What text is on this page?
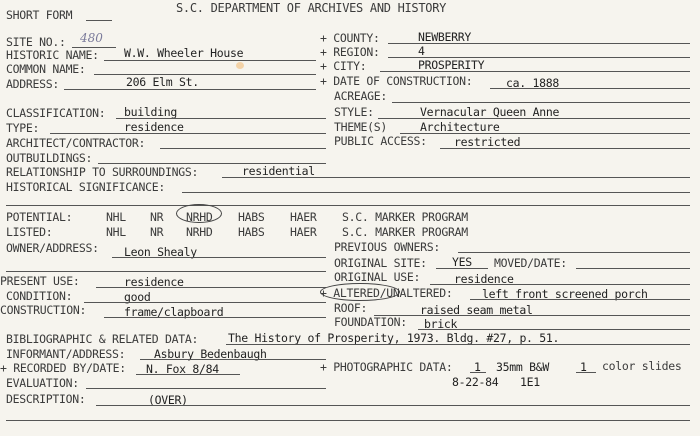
SHORT FORM	S.C. DEPARTMENT OF ARCHIVES AND HISTORY
SITE NO.: 480
HISTORIC NAME: W.W. Wheeler House
COMMON NAME:
ADDRESS:	206 Elm St.
+ COUNTY:	NEWBERRY
+ REGION:	4
+ CITY:	PROSPERITY
+ DATE OF CONSTRUCTION:	ca. 1888
ACREAGE:
CLASSIFICATION: building
TYPE:	residence
ARCHITECT/CONTRACTOR:
OUTBUILDINGS:
STYLE:	Vernacular Queen Anne
THEME(S)	Architecture
PUBLIC ACCESS: restricted
RELATIONSHIP TO SURROUNDINGS:	residential
HISTORICAL SIGNIFICANCE:
POTENTIAL:	NHL NR NRHD HABS HAER S.C. MARKER PROGRAM
LISTED:	NHL NR NRHD HABS HAER S.C. MARKER PROGRAM
OWNER/ADDRESS: Leon Shealy	PREVIOUS OWNERS:
ORIGINAL SITE: YES MOVED/DATE:
ORIGINAL USE:	residence
PRESENT USE:	residence
CONDITION:	good
CONSTRUCTION:	frame/clapboard
+ ALTERED/UNALTERED:	left front screened porch
ROOF:	raised seam metal
FOUNDATION: brick
BIBLIOGRAPHIC & RELATED DATA:	The History of Prosperity, 1973. Bldg. #27, p. 51.
INFORMANT/ADDRESS:	Asbury Bedenbaugh
+ RECORDED BY/DATE: N. Fox 8/84	+ PHOTOGRAPHIC DATA: 1 35mm B&W	1 color slides
8-22-84 1E1
EVALUATION:
DESCRIPTION:	(OVER)
